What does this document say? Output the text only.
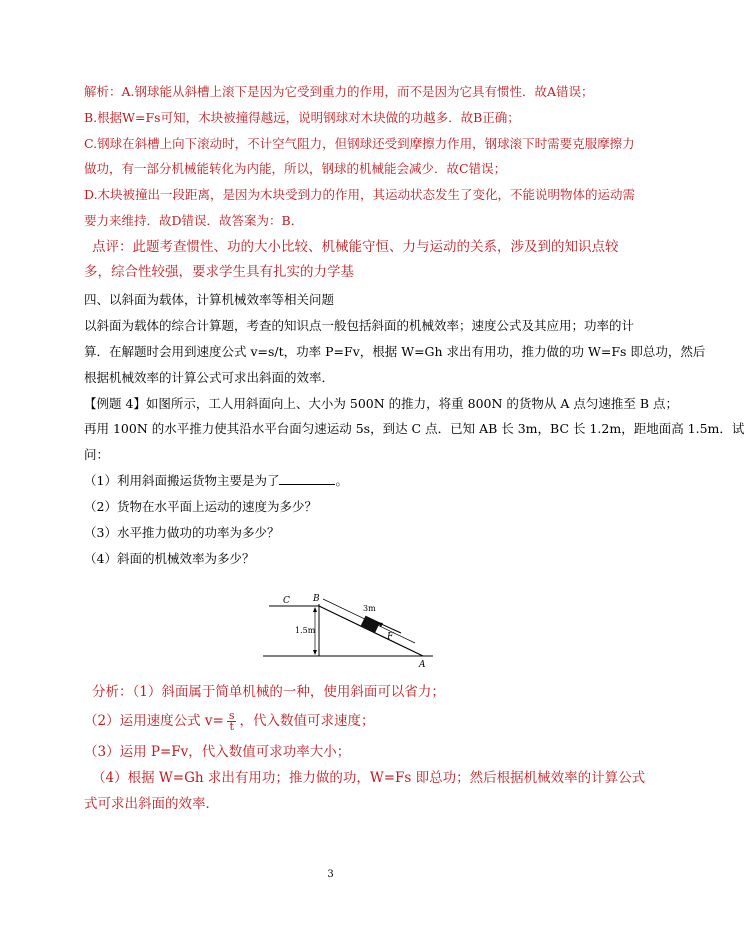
解析：A.钢球能从斜槽上滚下是因为它受到重力的作用，而不是因为它具有惯性．故A错误；
B.根据W=Fs可知，木块被撞得越远，说明钢球对木块做的功越多．故B正确；
C.钢球在斜槽上向下滚动时，不计空气阻力，但钢球还受到摩擦力作用，钢球滚下时需要克服摩擦力
做功，有一部分机械能转化为内能，所以，钢球的机械能会减少．故C错误；
D.木块被撞出一段距离，是因为木块受到力的作用，其运动状态发生了变化，不能说明物体的运动需
要力来维持．故D错误．故答案为：B．
点评：此题考查惯性、功的大小比较、机械能守恒、力与运动的关系，涉及到的知识点较
多，综合性较强，要求学生具有扎实的力学基
四、以斜面为载体，计算机械效率等相关问题
以斜面为载体的综合计算题，考查的知识点一般包括斜面的机械效率；速度公式及其应用；功率的计
算．在解题时会用到速度公式 v=s/t，功率 P=Fv，根据 W=Gh 求出有用功，推力做的功 W=Fs 即总功，然后
根据机械效率的计算公式可求出斜面的效率．
【例题 4】如图所示，工人用斜面向上、大小为 500N 的推力，将重 800N 的货物从 A 点匀速推至 B 点；
再用 100N 的水平推力使其沿水平台面匀速运动 5s，到达 C 点．已知 AB 长 3m，BC 长 1.2m，距地面高 1.5m．试
问：
（1）利用斜面搬运货物主要是为了	。
（2）货物在水平面上运动的速度为多少？
（3）水平推力做功的功率为多少？
（4）斜面的机械效率为多少？
C	B
A
F
3m
1.5m
分析：（1）斜面属于简单机械的一种，使用斜面可以省力；
（2）运用速度公式 $v= \frac{s}{t}$ ，代入数值可求速度；
（3）运用 P=Fv，代入数值可求功率大小；
（4）根据 W=Gh 求出有用功；推力做的功，W=Fs 即总功；然后根据机械效率的计算公式
式可求出斜面的效率．
3
